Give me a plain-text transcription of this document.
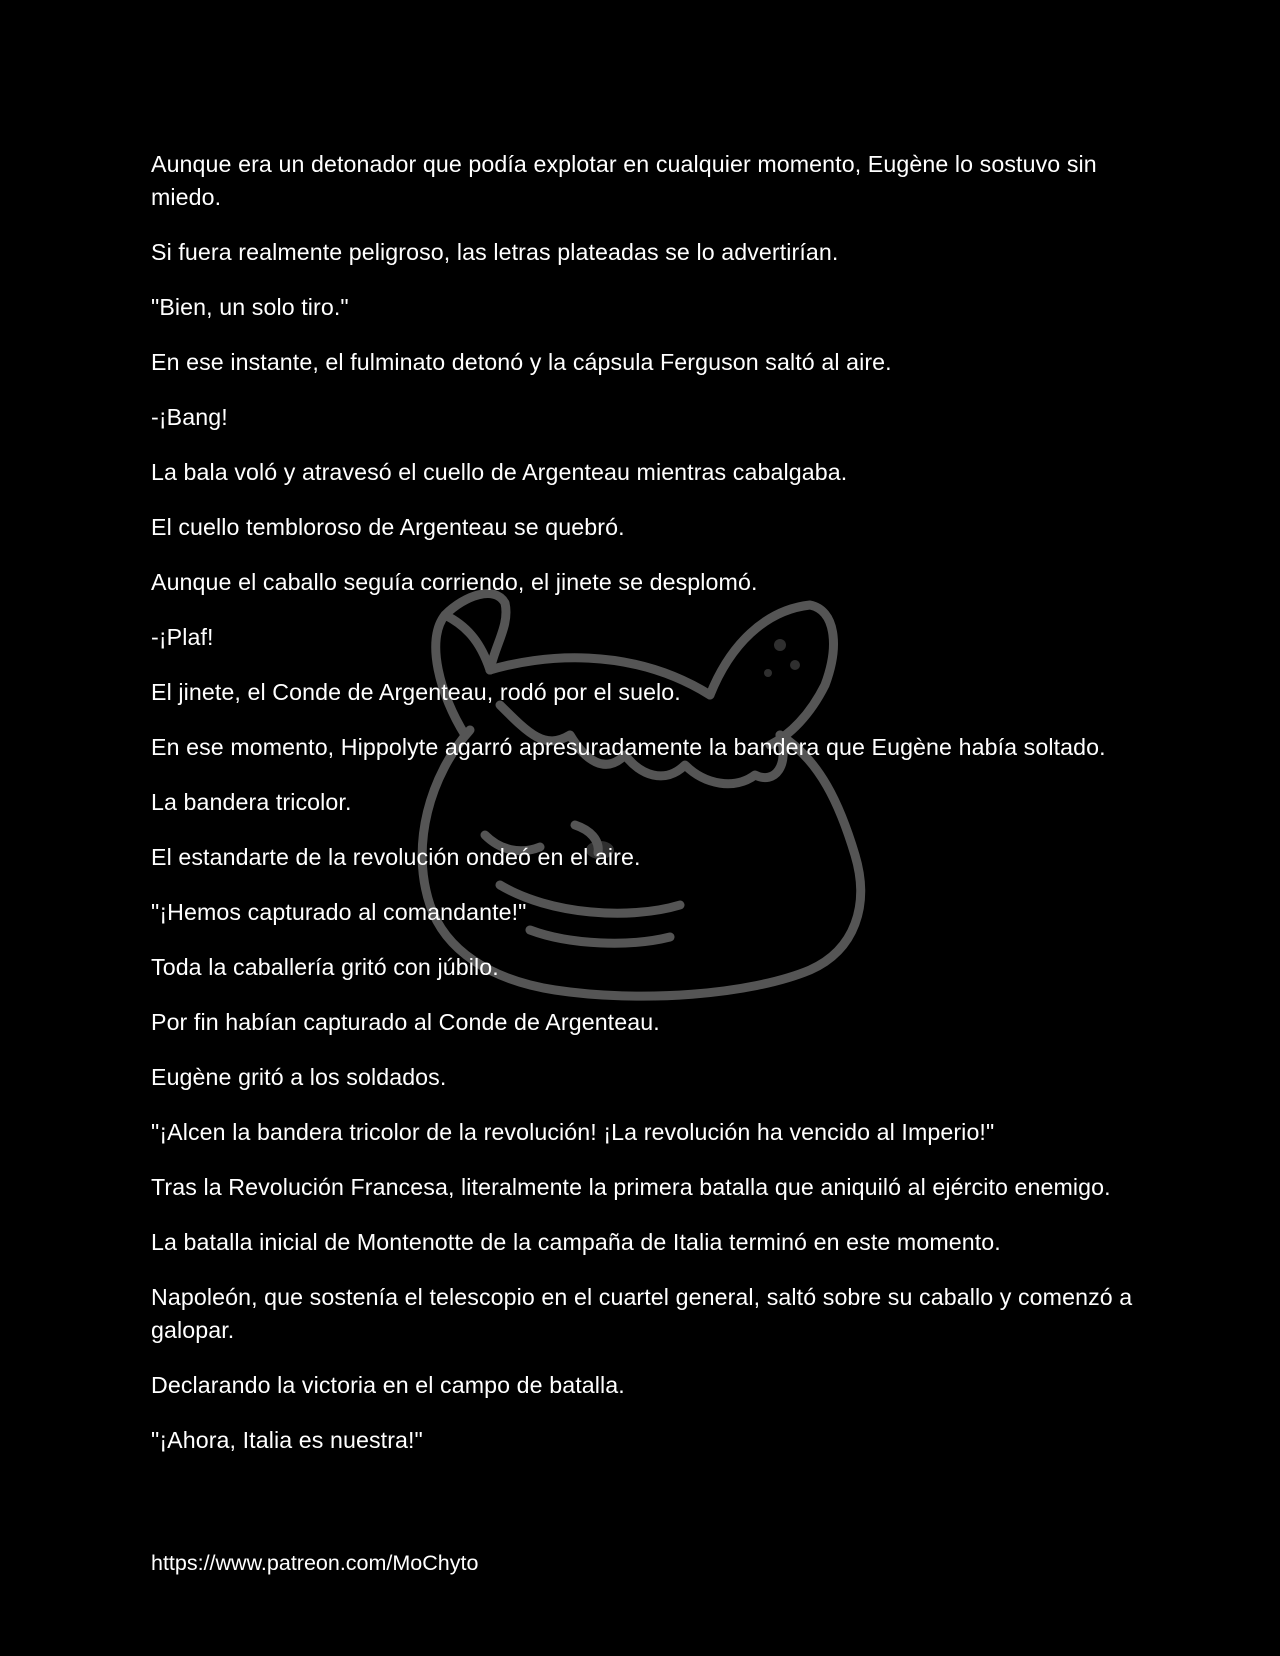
Aunque era un detonador que podía explotar en cualquier momento, Eugène lo sostuvo sin miedo.

Si fuera realmente peligroso, las letras plateadas se lo advertirían.

"Bien, un solo tiro."

En ese instante, el fulminato detonó y la cápsula Ferguson saltó al aire.

-¡Bang!

La bala voló y atravesó el cuello de Argenteau mientras cabalgaba.

El cuello tembloroso de Argenteau se quebró.

Aunque el caballo seguía corriendo, el jinete se desplomó.

-¡Plaf!

El jinete, el Conde de Argenteau, rodó por el suelo.

En ese momento, Hippolyte agarró apresuradamente la bandera que Eugène había soltado.

La bandera tricolor.

El estandarte de la revolución ondeó en el aire.

"¡Hemos capturado al comandante!"

Toda la caballería gritó con júbilo.

Por fin habían capturado al Conde de Argenteau.

Eugène gritó a los soldados.

"¡Alcen la bandera tricolor de la revolución! ¡La revolución ha vencido al Imperio!"

Tras la Revolución Francesa, literalmente la primera batalla que aniquiló al ejército enemigo.

La batalla inicial de Montenotte de la campaña de Italia terminó en este momento.

Napoleón, que sostenía el telescopio en el cuartel general, saltó sobre su caballo y comenzó a galopar.

Declarando la victoria en el campo de batalla.

"¡Ahora, Italia es nuestra!"

https://www.patreon.com/MoChyto
